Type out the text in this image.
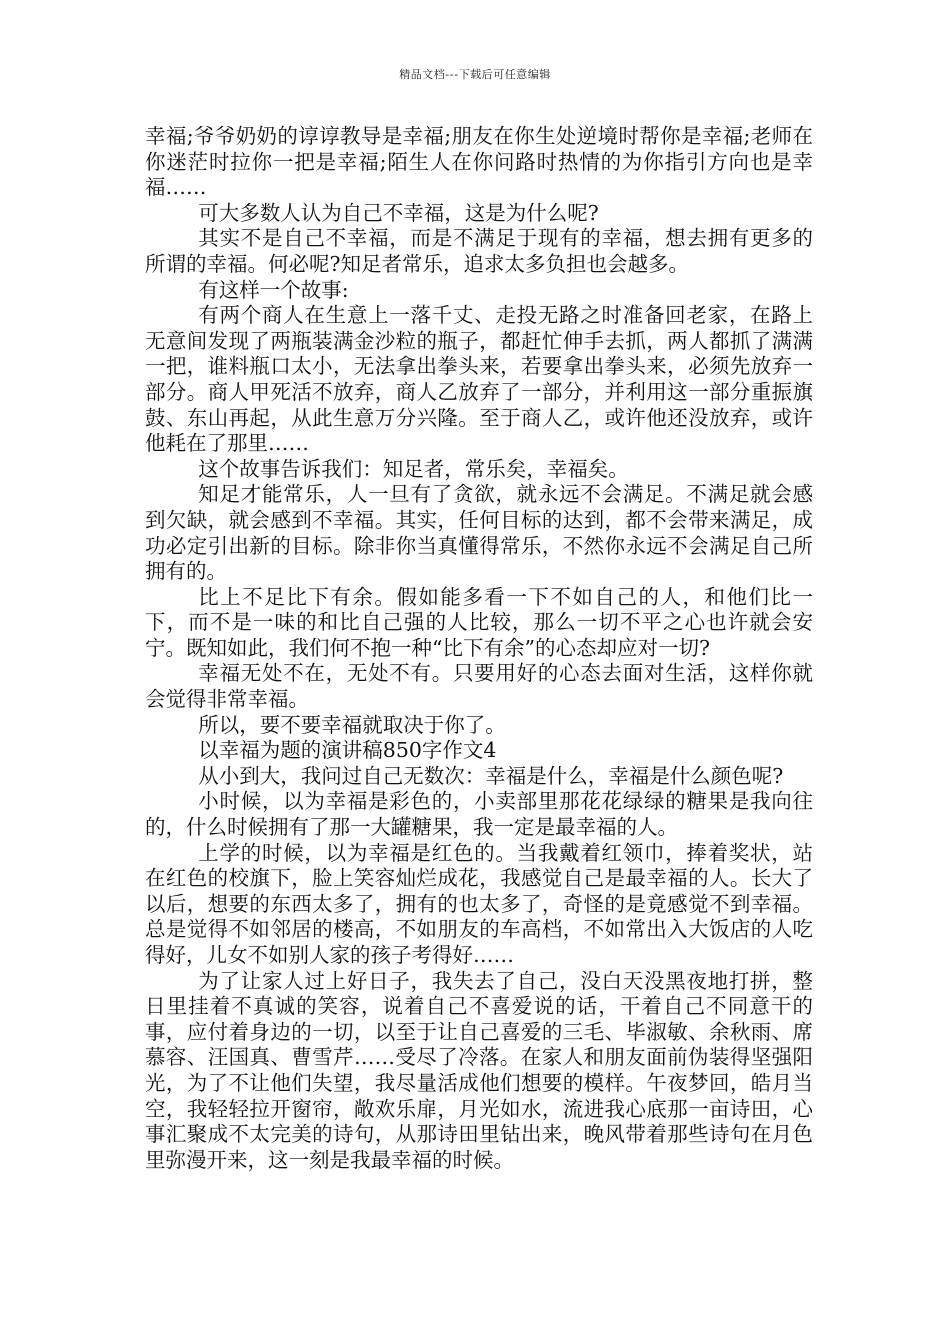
精品文档---下载后可任意编辑

幸福;爷爷奶奶的谆谆教导是幸福;朋友在你生处逆境时帮你是幸福;老师在你迷茫时拉你一把是幸福;陌生人在你问路时热情的为你指引方向也是幸福……

可大多数人认为自己不幸福，这是为什么呢?

其实不是自己不幸福，而是不满足于现有的幸福，想去拥有更多的所谓的幸福。何必呢?知足者常乐，追求太多负担也会越多。

有这样一个故事:

有两个商人在生意上一落千丈、走投无路之时准备回老家，在路上无意间发现了两瓶装满金沙粒的瓶子，都赶忙伸手去抓，两人都抓了满满一把，谁料瓶口太小，无法拿出拳头来，若要拿出拳头来，必须先放弃一部分。商人甲死活不放弃，商人乙放弃了一部分，并利用这一部分重振旗鼓、东山再起，从此生意万分兴隆。至于商人乙，或许他还没放弃，或许他耗在了那里……

这个故事告诉我们：知足者，常乐矣，幸福矣。

知足才能常乐，人一旦有了贪欲，就永远不会满足。不满足就会感到欠缺，就会感到不幸福。其实，任何目标的达到，都不会带来满足，成功必定引出新的目标。除非你当真懂得常乐，不然你永远不会满足自己所拥有的。

比上不足比下有余。假如能多看一下不如自己的人，和他们比一下，而不是一味的和比自己强的人比较，那么一切不平之心也许就会安宁。既知如此，我们何不抱一种“比下有余”的心态却应对一切?

幸福无处不在，无处不有。只要用好的心态去面对生活，这样你就会觉得非常幸福。

所以，要不要幸福就取决于你了。

以幸福为题的演讲稿850字作文4

从小到大，我问过自己无数次：幸福是什么，幸福是什么颜色呢?

小时候，以为幸福是彩色的，小卖部里那花花绿绿的糖果是我向往的，什么时候拥有了那一大罐糖果，我一定是最幸福的人。

上学的时候，以为幸福是红色的。当我戴着红领巾，捧着奖状，站在红色的校旗下，脸上笑容灿烂成花，我感觉自己是最幸福的人。长大了以后，想要的东西太多了，拥有的也太多了，奇怪的是竟感觉不到幸福。总是觉得不如邻居的楼高，不如朋友的车高档，不如常出入大饭店的人吃得好，儿女不如别人家的孩子考得好……

为了让家人过上好日子，我失去了自己，没白天没黑夜地打拼，整日里挂着不真诚的笑容，说着自己不喜爱说的话，干着自己不同意干的事，应付着身边的一切，以至于让自己喜爱的三毛、毕淑敏、余秋雨、席慕容、汪国真、曹雪芹……受尽了冷落。在家人和朋友面前伪装得坚强阳光，为了不让他们失望，我尽量活成他们想要的模样。午夜梦回，皓月当空，我轻轻拉开窗帘，敞欢乐扉，月光如水，流进我心底那一亩诗田，心事汇聚成不太完美的诗句，从那诗田里钻出来，晚风带着那些诗句在月色里弥漫开来，这一刻是我最幸福的时候。
